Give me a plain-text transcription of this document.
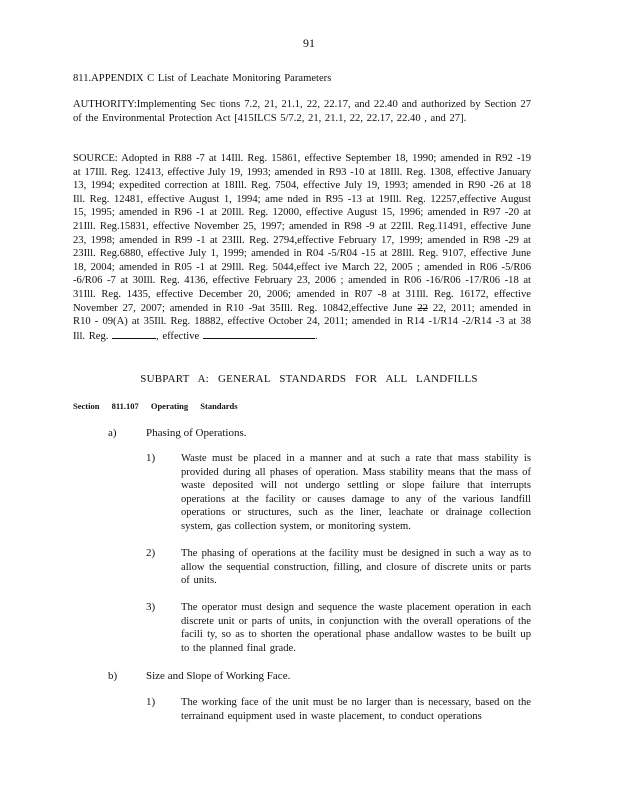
91
811.APPENDIX C List of Leachate Monitoring Parameters
AUTHORITY:Implementing Sec tions 7.2, 21, 21.1, 22, 22.17, and 22.40 and authorized by Section 27 of the Environmental Protection Act [415ILCS 5/7.2, 21, 21.1, 22, 22.17, 22.40 , and 27].
SOURCE: Adopted in R88 -7 at 14Ill. Reg. 15861, effective September 18, 1990; amended in R92 -19 at 17Ill. Reg. 12413, effective July 19, 1993; amended in R93 -10 at 18Ill. Reg. 1308, effective January 13, 1994; expedited correction at 18Ill. Reg. 7504, effective July 19, 1993; amended in R90 -26 at 18 Ill. Reg. 12481, effective August 1, 1994; ame nded in R95 -13 at 19Ill. Reg. 12257,effective August 15, 1995; amended in R96 -1 at 20Ill. Reg. 12000, effective August 15, 1996; amended in R97 -20 at 21Ill. Reg.15831, effective November 25, 1997; amended in R98 -9 at 22Ill. Reg.11491, effective June 23, 1998; amended in R99 -1 at 23Ill. Reg. 2794,effective February 17, 1999; amended in R98 -29 at 23Ill. Reg.6880, effective July 1, 1999; amended in R04 -5/R04 -15 at 28Ill. Reg. 9107, effective June 18, 2004; amended in R05 -1 at 29Ill. Reg. 5044,effect ive March 22, 2005 ; amended in R06 -5/R06 -6/R06 -7 at 30Ill. Reg. 4136, effective February 23, 2006 ; amended in R06 -16/R06 -17/R06 -18 at 31Ill. Reg. 1435, effective December 20, 2006; amended in R07 -8 at 31Ill. Reg. 16172, effective November 27, 2007; amended in R10 -9at 35Ill. Reg. 10842,effective June 22 22, 2011; amended in R10 - 09(A) at 35Ill. Reg. 18882, effective October 24, 2011; amended in R14 -1/R14 -2/R14 -3 at 38 Ill. Reg.	, effective	.
SUBPART A: GENERAL STANDARDS FOR ALL LANDFILLS
Section 811.107 Operating Standards
a)	Phasing of Operations.
1) Waste must be placed in a manner and at such a rate that mass stability is provided during all phases of operation. Mass stability means that the mass of waste deposited will not undergo settling or slope failure that interrupts operations at the facility or causes damage to any of the various landfill operations or structures, such as the liner, leachate or drainage collection system, gas collection system, or monitoring system.
2) The phasing of operations at the facility must be designed in such a way as to allow the sequential construction, filling, and closure of discrete units or parts of units.
3) The operator must design and sequence the waste placement operation in each discrete unit or parts of units, in conjunction with the overall operations of the facili ty, so as to shorten the operational phase andallow wastes to be built up to the planned final grade.
b)	Size and Slope of Working Face.
1) The working face of the unit must be no larger than is necessary, based on the terrainand equipment used in waste placement, to conduct operations
